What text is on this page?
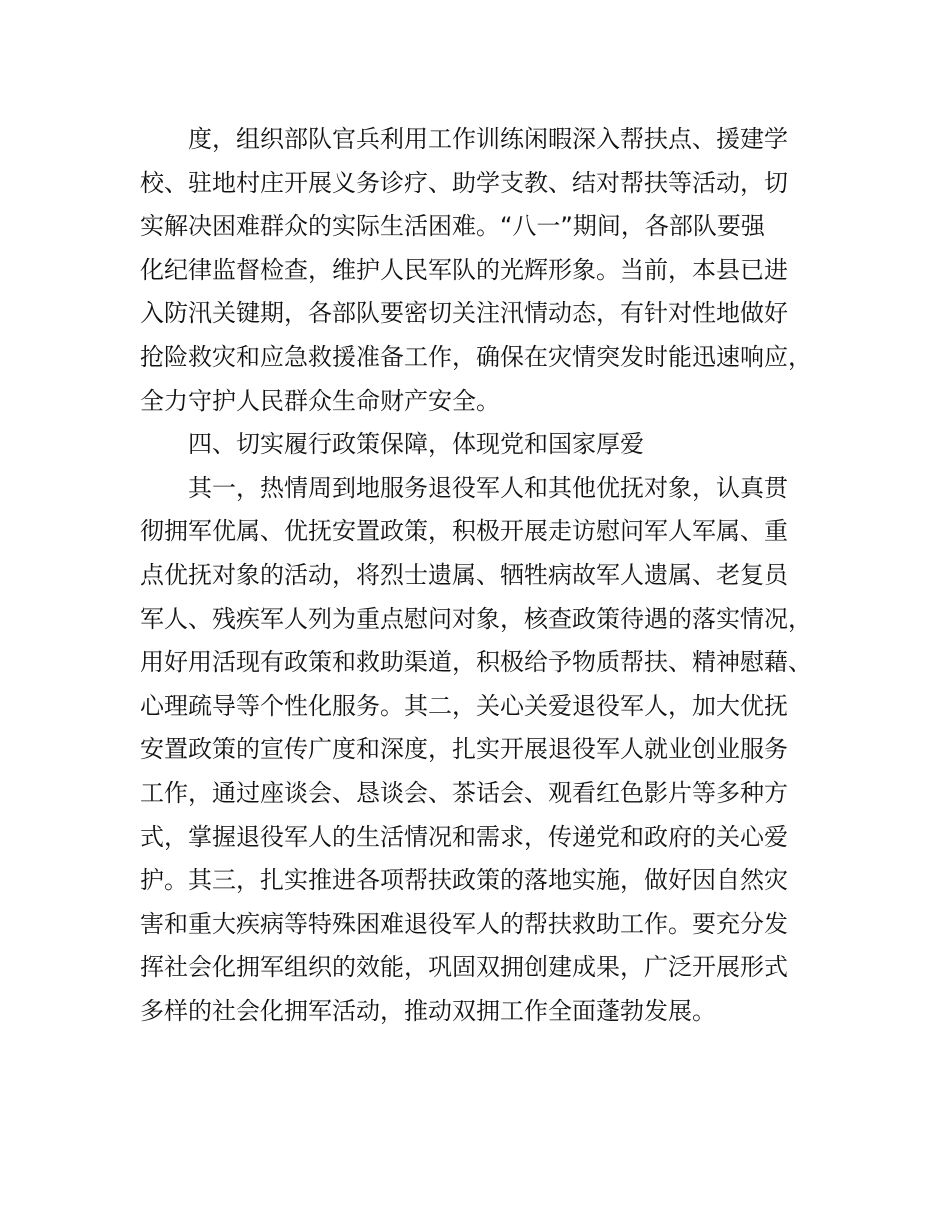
度，组织部队官兵利用工作训练闲暇深入帮扶点、援建学

校、驻地村庄开展义务诊疗、助学支教、结对帮扶等活动，切

实解决困难群众的实际生活困难。“八一”期间，各部队要强

化纪律监督检查，维护人民军队的光辉形象。当前，本县已进

入防汛关键期，各部队要密切关注汛情动态，有针对性地做好

抢险救灾和应急救援准备工作，确保在灾情突发时能迅速响应，

全力守护人民群众生命财产安全。

四、切实履行政策保障，体现党和国家厚爱

其一，热情周到地服务退役军人和其他优抚对象，认真贯

彻拥军优属、优抚安置政策，积极开展走访慰问军人军属、重

点优抚对象的活动，将烈士遗属、牺牲病故军人遗属、老复员

军人、残疾军人列为重点慰问对象，核查政策待遇的落实情况，

用好用活现有政策和救助渠道，积极给予物质帮扶、精神慰藉、

心理疏导等个性化服务。其二，关心关爱退役军人，加大优抚

安置政策的宣传广度和深度，扎实开展退役军人就业创业服务

工作，通过座谈会、恳谈会、茶话会、观看红色影片等多种方

式，掌握退役军人的生活情况和需求，传递党和政府的关心爱

护。其三，扎实推进各项帮扶政策的落地实施，做好因自然灾

害和重大疾病等特殊困难退役军人的帮扶救助工作。要充分发

挥社会化拥军组织的效能，巩固双拥创建成果，广泛开展形式

多样的社会化拥军活动，推动双拥工作全面蓬勃发展。
